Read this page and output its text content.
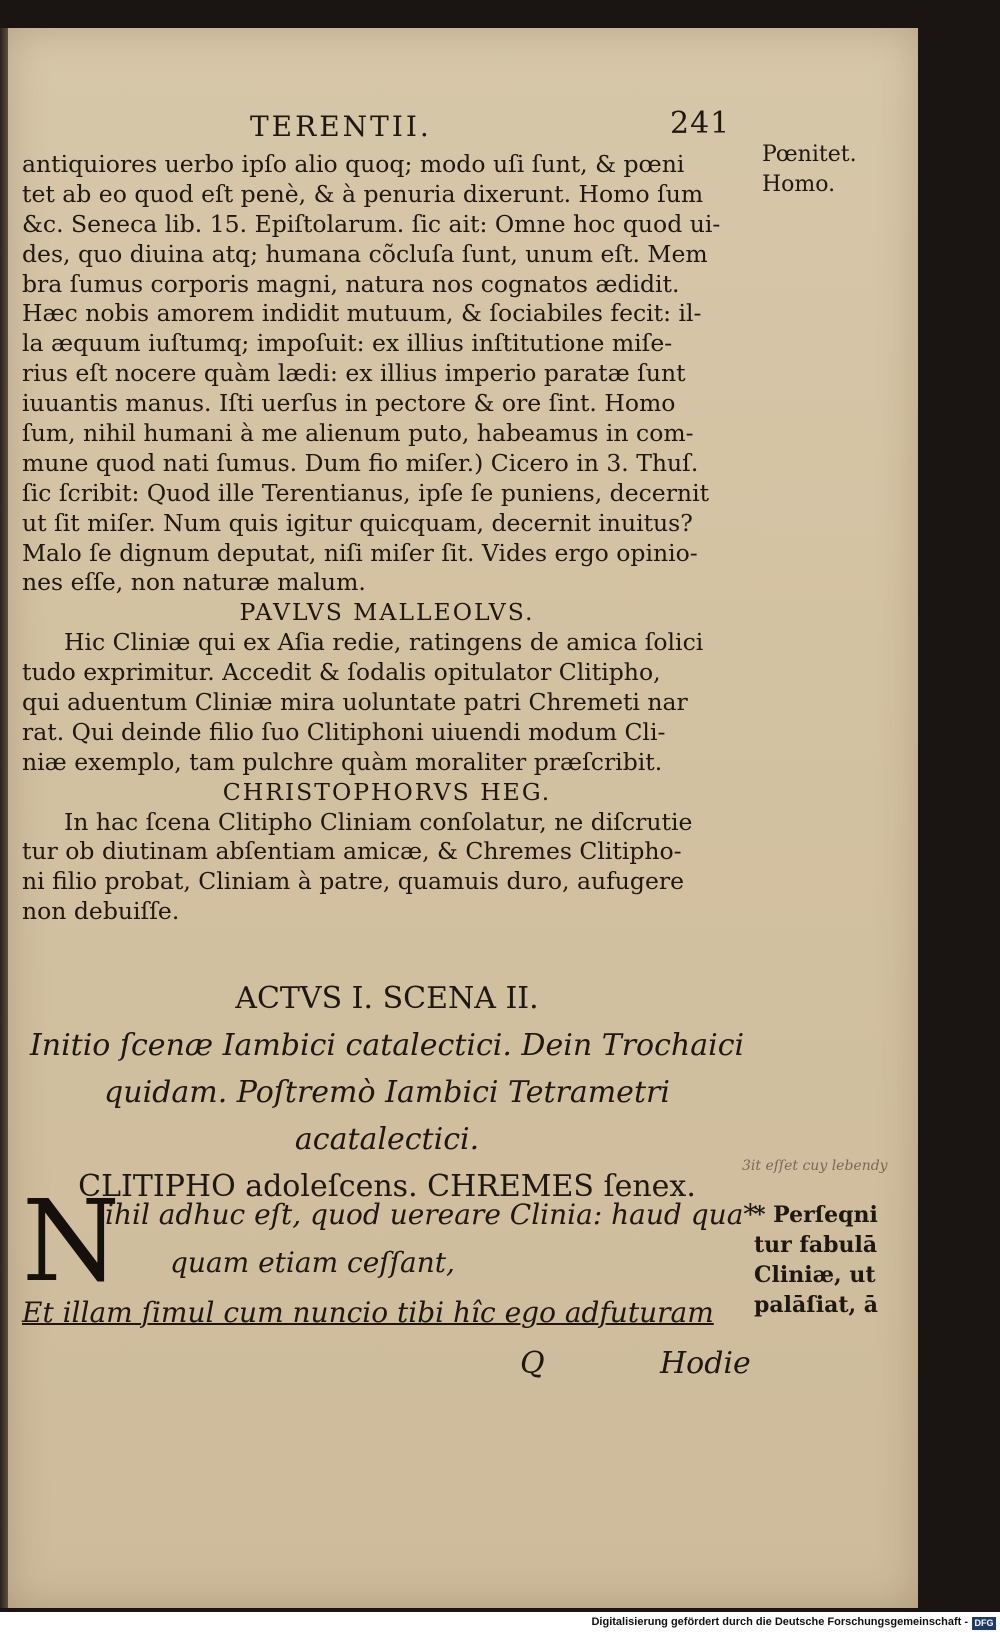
TERENTII.	241
Pœnitet.
Homo.
antiquiores uerbo ipſo alio quoq; modo uſi ſunt, & pœni
tet ab eo quod eſt penè, & à penuria dixerunt. Homo ſum
&c. Seneca lib. 15. Epiſtolarum. ſic ait: Omne hoc quod ui-
des, quo diuina atq; humana cõcluſa ſunt, unum eſt. Mem
bra ſumus corporis magni, natura nos cognatos ædidit.
Hæc nobis amorem indidit mutuum, & ſociabiles fecit: il-
la æquum iuſtumq; impoſuit: ex illius inſtitutione miſe-
rius eſt nocere quàm lædi: ex illius imperio paratæ ſunt
iuuantis manus. Iſti uerſus in pectore & ore ſint. Homo
ſum, nihil humani à me alienum puto, habeamus in com-
mune quod nati ſumus. Dum fio miſer.) Cicero in 3. Thuſ.
ſic ſcribit: Quod ille Terentianus, ipſe ſe puniens, decernit
ut ſit miſer. Num quis igitur quicquam, decernit inuitus?
Malo ſe dignum deputat, niſi miſer ſit. Vides ergo opinio-
nes eſſe, non naturæ malum.
PAVLVS MALLEOLVS.
Hic Cliniæ qui ex Aſia redie, ratingens de amica ſolici
tudo exprimitur. Accedit & ſodalis opitulator Clitipho,
qui aduentum Cliniæ mira uoluntate patri Chremeti nar
rat. Qui deinde filio ſuo Clitiphoni uiuendi modum Cli-
niæ exemplo, tam pulchre quàm moraliter præſcribit.
CHRISTOPHORVS HEG.
In hac ſcena Clitipho Cliniam conſolatur, ne diſcrutie
tur ob diutinam abſentiam amicæ, & Chremes Clitipho-
ni filio probat, Cliniam à patre, quamuis duro, aufugere
non debuiſſe.
ACTVS I. SCENA II.
Initio ſcenæ Iambici catalectici. Dein Trochaici
quidam. Poſtremò Iambici Tetrametri
acatalectici.
CLITIPHO adoleſcens. CHREMES ſenex.
3it eſſet cuy lebendy
* Perſeqni
tur fabulā
Cliniæ, ut
palāſiat, ā
N
ihil adhuc eſt, quod uereare Clinia: haud qua*
quam etiam ceſſant,
Et illam ſimul cum nuncio tibi hîc ego adfuturam
Q	Hodie
Digitalisierung gefördert durch die Deutsche Forschungsgemeinschaft - DFG
